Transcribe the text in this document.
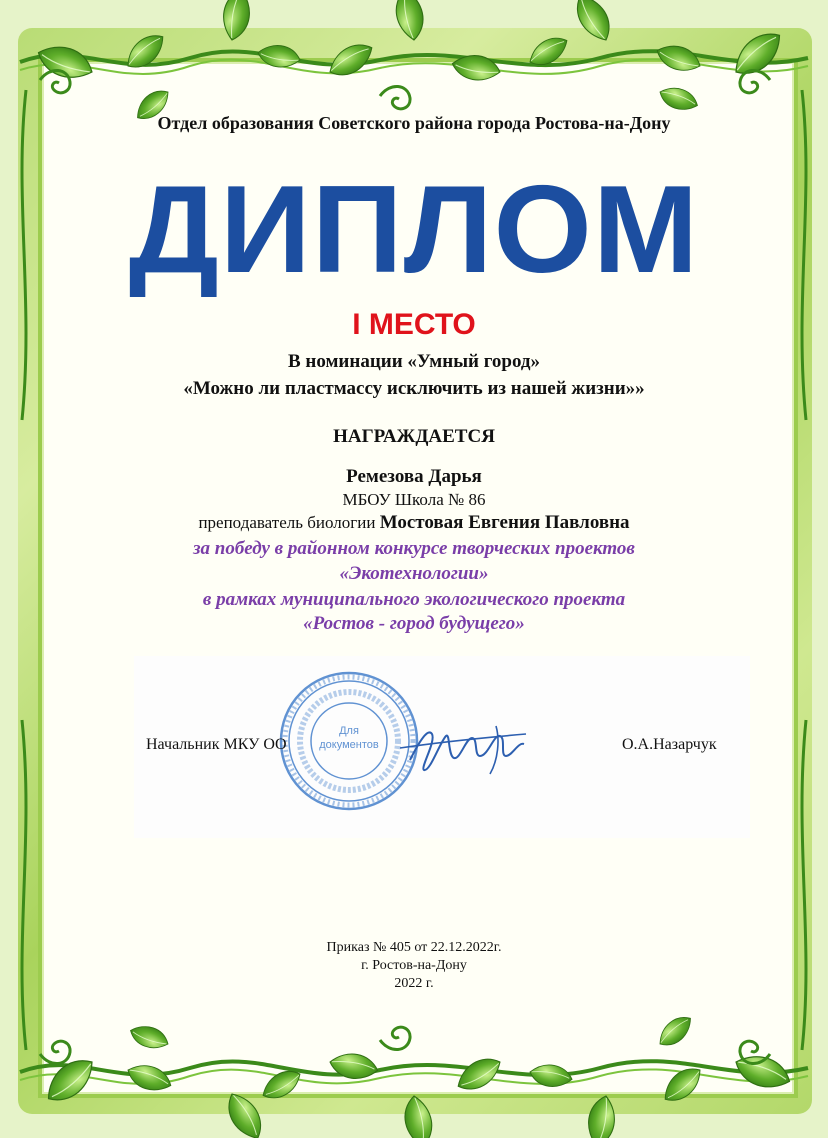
Отдел образования Советского района города Ростова-на-Дону
ДИПЛОМ
I МЕСТО
В номинации «Умный город»
«Можно ли пластмассу исключить из нашей жизни»»
НАГРАЖДАЕТСЯ
Ремезова Дарья
МБОУ Школа № 86
преподаватель биологии Мостовая Евгения Павловна
за победу в районном конкурсе творческих проектов
«Экотехнологии»
в рамках муниципального экологического проекта
«Ростов - город будущего»
Для
документов
Начальник МКУ ОО	О.А.Назарчук
Приказ № 405 от 22.12.2022г.
г. Ростов-на-Дону
2022 г.
